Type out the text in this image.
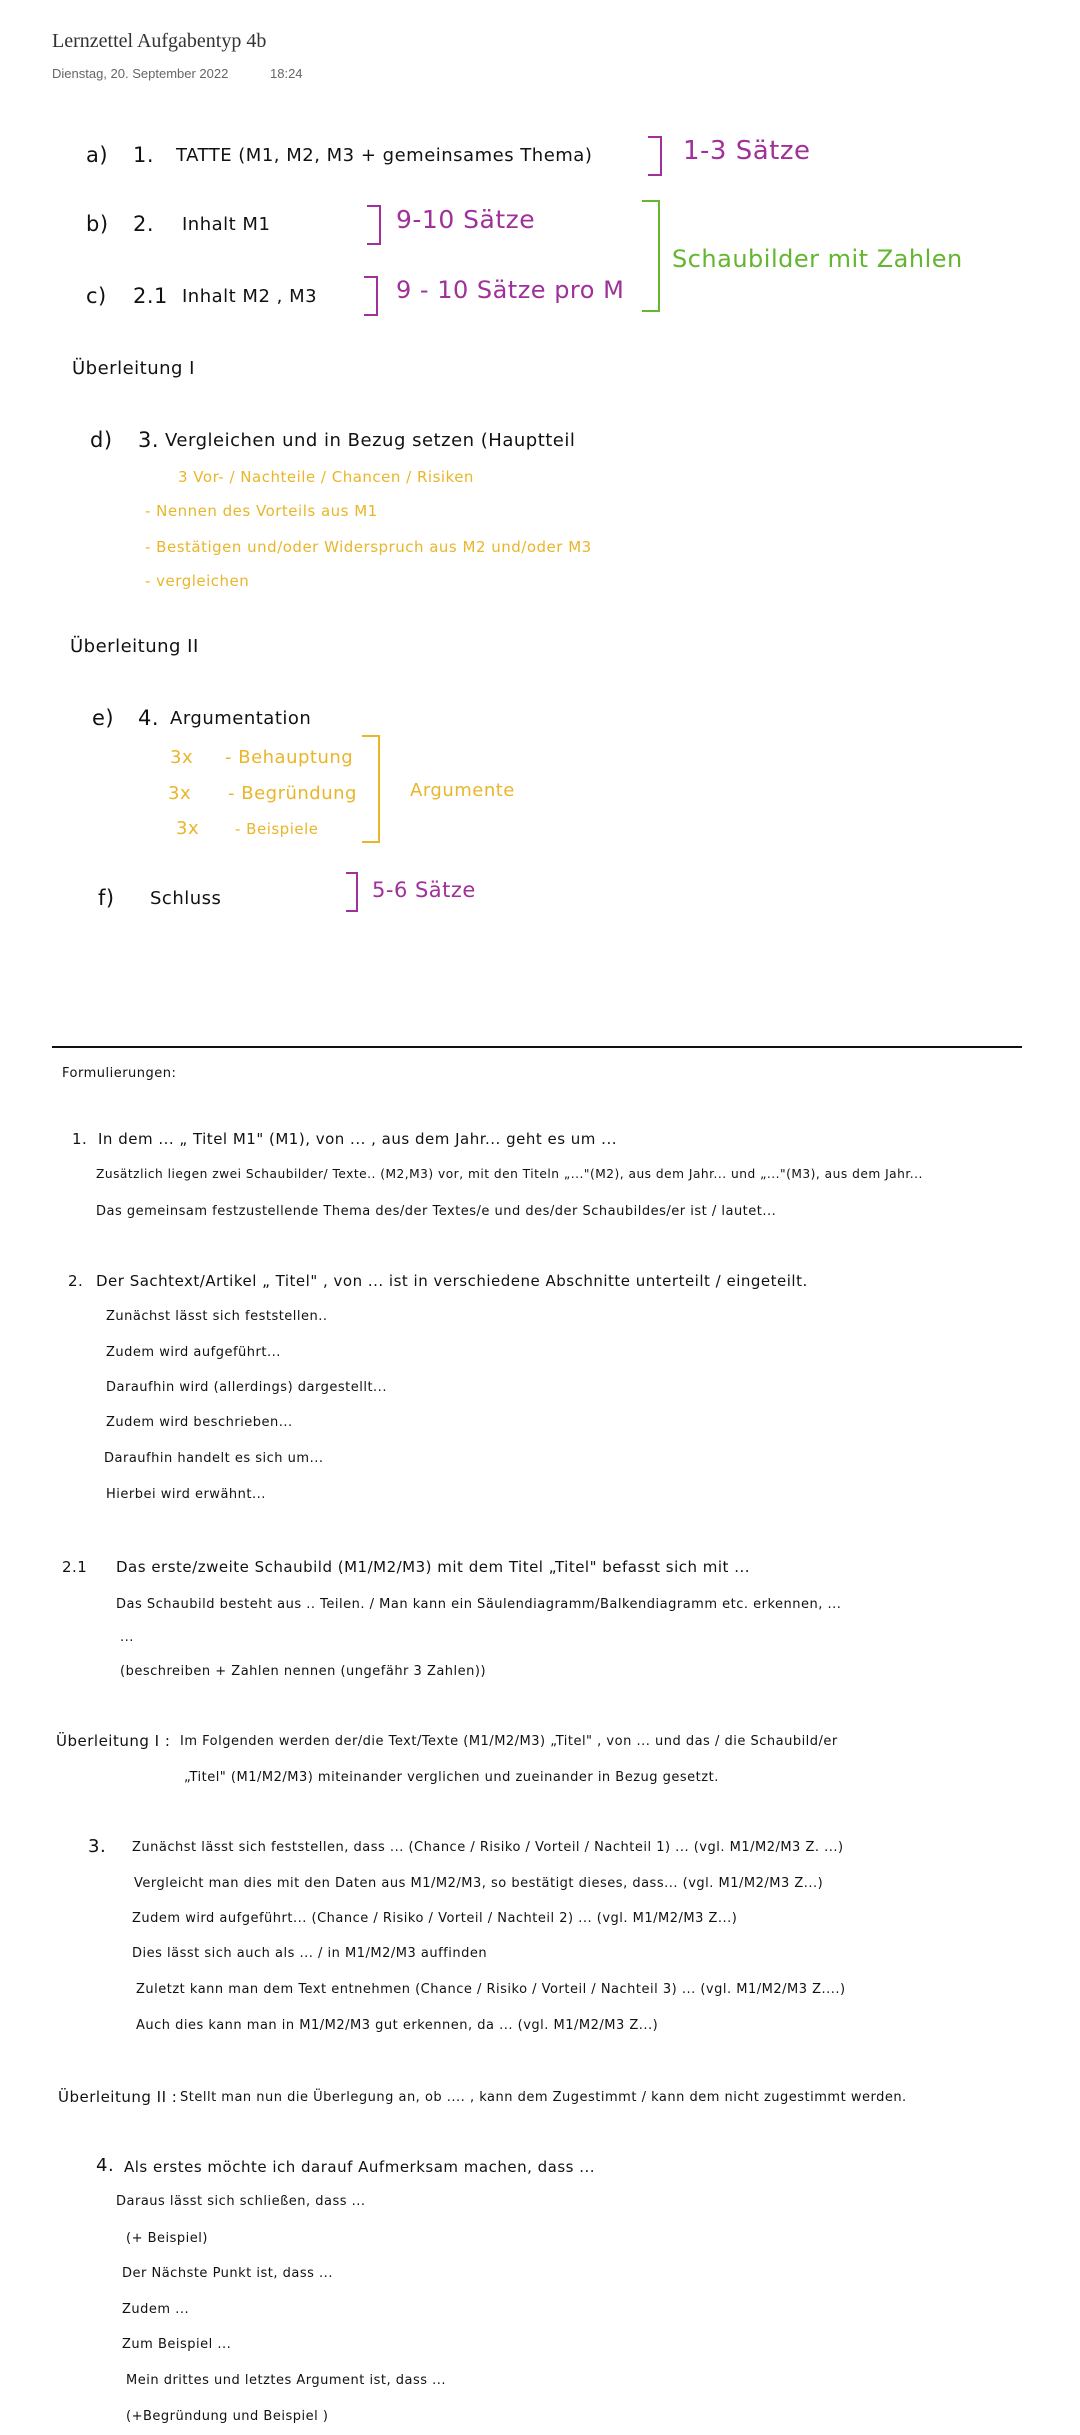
Lernzettel Aufgabentyp 4b
Dienstag, 20. September 2022	18:24
a) 1. TATTE (M1, M2, M3 + gemeinsames Thema)	1-3 Sätze
b) 2. Inhalt M1	9-10 Sätze
c) 2.1 Inhalt M2 , M3	9 - 10 Sätze pro M
Schaubilder mit Zahlen
Überleitung I
d) 3. Vergleichen und in Bezug setzen (Hauptteil
3 Vor- / Nachteile / Chancen / Risiken
- Nennen des Vorteils aus M1
- Bestätigen und/oder Widerspruch aus M2 und/oder M3
- vergleichen
Überleitung II
e) 4. Argumentation
3x - Behauptung
3x - Begründung
3x - Beispiele
Argumente
f) Schluss	5-6 Sätze
Formulierungen:
1. In dem ... „ Titel M1" (M1), von ... , aus dem Jahr... geht es um ...
Zusätzlich liegen zwei Schaubilder/ Texte.. (M2,M3) vor, mit den Titeln „..."(M2), aus dem Jahr... und „..."(M3), aus dem Jahr...
Das gemeinsam festzustellende Thema des/der Textes/e und des/der Schaubildes/er ist / lautet...
2. Der Sachtext/Artikel „ Titel" , von ... ist in verschiedene Abschnitte unterteilt / eingeteilt.
Zunächst lässt sich feststellen..
Zudem wird aufgeführt...
Daraufhin wird (allerdings) dargestellt...
Zudem wird beschrieben...
Daraufhin handelt es sich um...
Hierbei wird erwähnt...
2.1 Das erste/zweite Schaubild (M1/M2/M3) mit dem Titel „Titel" befasst sich mit ...
Das Schaubild besteht aus .. Teilen. / Man kann ein Säulendiagramm/Balkendiagramm etc. erkennen, ...
...
(beschreiben + Zahlen nennen (ungefähr 3 Zahlen))
Überleitung I : Im Folgenden werden der/die Text/Texte (M1/M2/M3) „Titel" , von ... und das / die Schaubild/er
„Titel" (M1/M2/M3) miteinander verglichen und zueinander in Bezug gesetzt.
3. Zunächst lässt sich feststellen, dass ... (Chance / Risiko / Vorteil / Nachteil 1) ... (vgl. M1/M2/M3 Z. ...)
Vergleicht man dies mit den Daten aus M1/M2/M3, so bestätigt dieses, dass... (vgl. M1/M2/M3 Z...)
Zudem wird aufgeführt... (Chance / Risiko / Vorteil / Nachteil 2) ... (vgl. M1/M2/M3 Z...)
Dies lässt sich auch als ... / in M1/M2/M3 auffinden
Zuletzt kann man dem Text entnehmen (Chance / Risiko / Vorteil / Nachteil 3) ... (vgl. M1/M2/M3 Z....)
Auch dies kann man in M1/M2/M3 gut erkennen, da ... (vgl. M1/M2/M3 Z...)
Überleitung II : Stellt man nun die Überlegung an, ob .... , kann dem Zugestimmt / kann dem nicht zugestimmt werden.
4. Als erstes möchte ich darauf Aufmerksam machen, dass ...
Daraus lässt sich schließen, dass ...
(+ Beispiel)
Der Nächste Punkt ist, dass ...
Zudem ...
Zum Beispiel ...
Mein drittes und letztes Argument ist, dass ...
(+Begründung und Beispiel )
